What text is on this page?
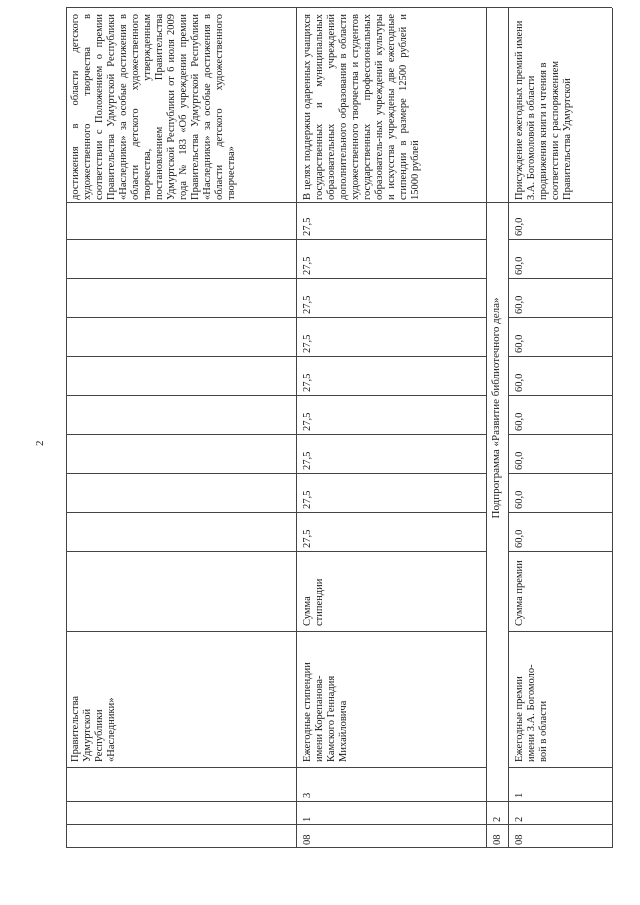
2
Правительства Удмуртской Республики «Наследники»
достижения в области детского художественного творчества в соответствии с Положением о премии Правительства Удмуртской Республики «Наследники» за особые достижения в области детского художественного творчества, утвержденным постановлением Правительства Удмуртской Республики от 6 июля 2009 года № 183 «Об учреждении премии Правительства Удмуртской Республики «Наследники» за особые достижения в области детского художественного творчества»
08
1
3
Ежегодные стипендии имени Корепанова-Камского Геннадия Михайловича
Сумма стипендии
27,5
27,5
27,5
27,5
27,5
27,5
27,5
27,5
27,5
В целях поддержки одаренных учащихся государственных и муниципальных образовательных учреждений дополнительного образования в области художественного творчества и студентов государственных профессиональных образователь-ных учреждений культуры и искусства учреждены две ежегодные стипендии в размере 12500 рублей и 15000 рублей
08
2
Подпрограмма «Развитие библиотечного дела»
08
2
1
Ежегодные премии имени З.А. Богомоло-вой в области
Сумма премии
60,0
60,0
60,0
60,0
60,0
60,0
60,0
60,0
60,0
Присуждение ежегодных премий имени З.А. Богомоловой в области продвижения книги и чтения в соответствии с распоряжением Правительства Удмуртской
